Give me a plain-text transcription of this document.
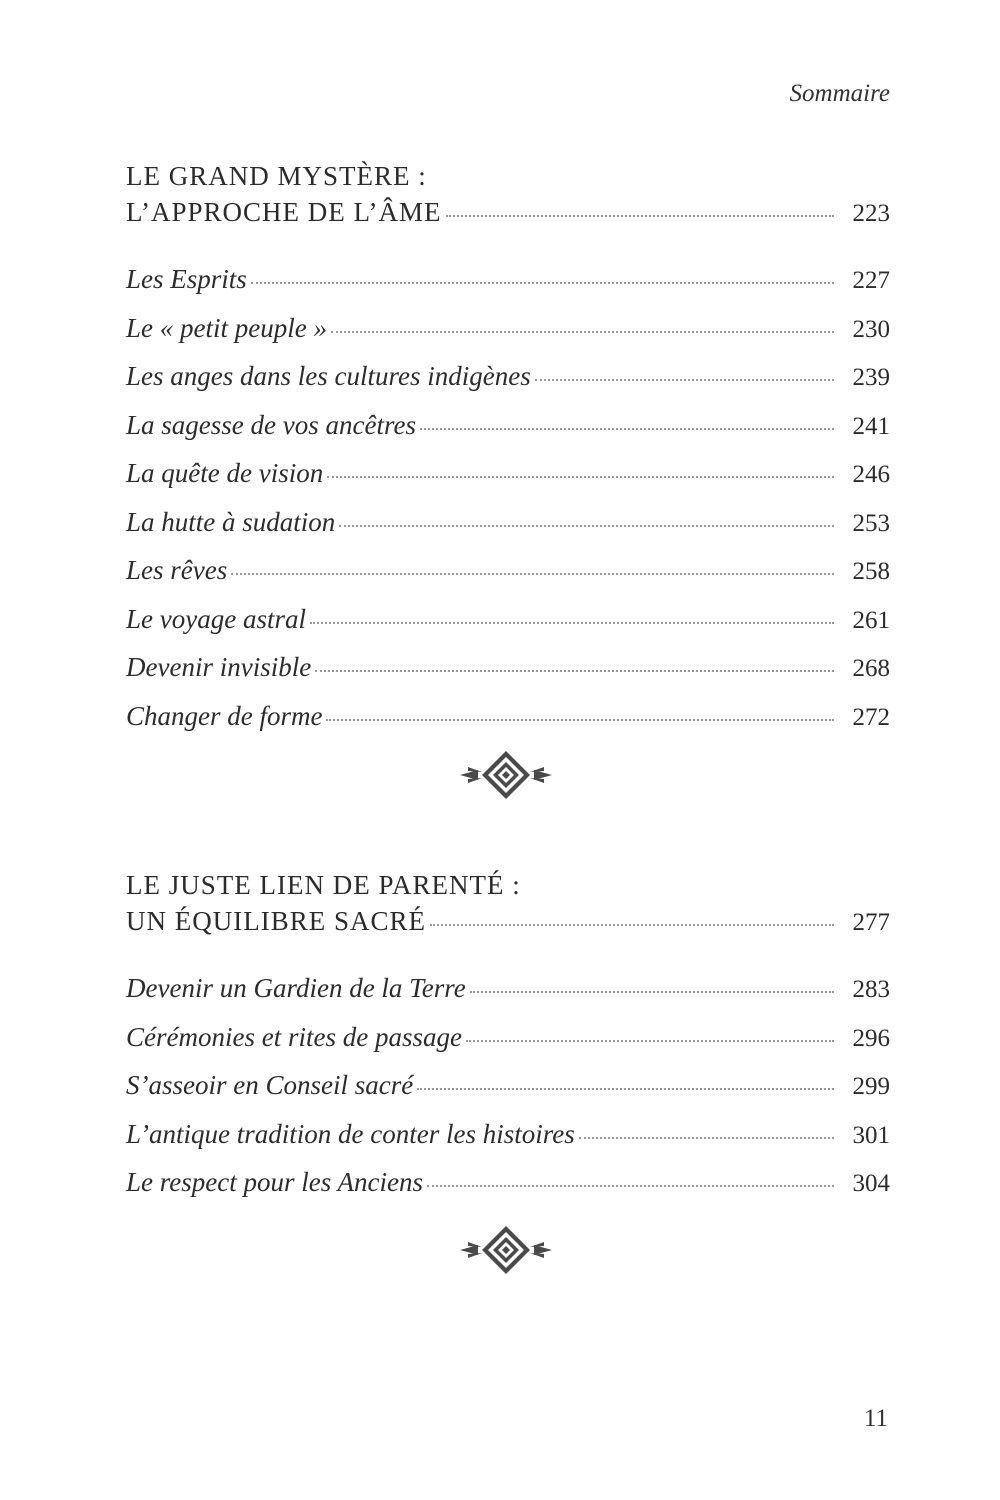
Sommaire
LE GRAND MYSTÈRE :
L’APPROCHE DE L’ÂME	223
Les Esprits	227
Le « petit peuple »	230
Les anges dans les cultures indigènes	239
La sagesse de vos ancêtres	241
La quête de vision	246
La hutte à sudation	253
Les rêves	258
Le voyage astral	261
Devenir invisible	268
Changer de forme	272
LE JUSTE LIEN DE PARENTÉ :
UN ÉQUILIBRE SACRÉ	277
Devenir un Gardien de la Terre	283
Cérémonies et rites de passage	296
S’asseoir en Conseil sacré	299
L’antique tradition de conter les histoires	301
Le respect pour les Anciens	304
11
